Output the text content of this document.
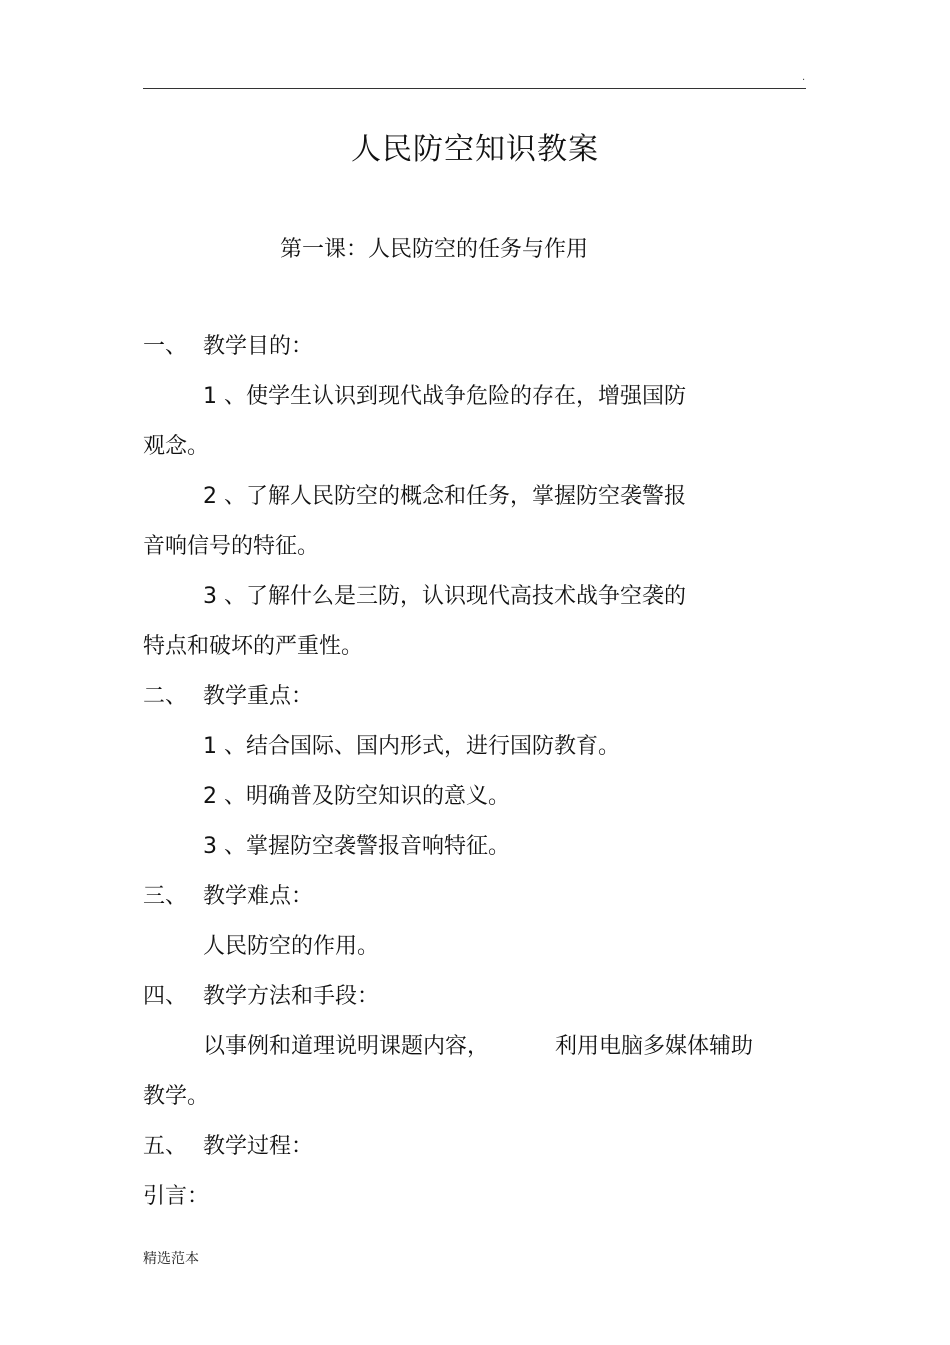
.
人民防空知识教案
第一课：人民防空的任务与作用
一、 教学目的：
1 、使学生认识到现代战争危险的存在，增强国防
观念。
2 、了解人民防空的概念和任务，掌握防空袭警报
音响信号的特征。
3 、了解什么是三防，认识现代高技术战争空袭的
特点和破坏的严重性。
二、 教学重点：
1 、结合国际、国内形式，进行国防教育。
2 、明确普及防空知识的意义。
3 、掌握防空袭警报音响特征。
三、 教学难点：
人民防空的作用。
四、 教学方法和手段：
以事例和道理说明课题内容，	利用电脑多媒体辅助
教学。
五、 教学过程：
引言：
精选范本
